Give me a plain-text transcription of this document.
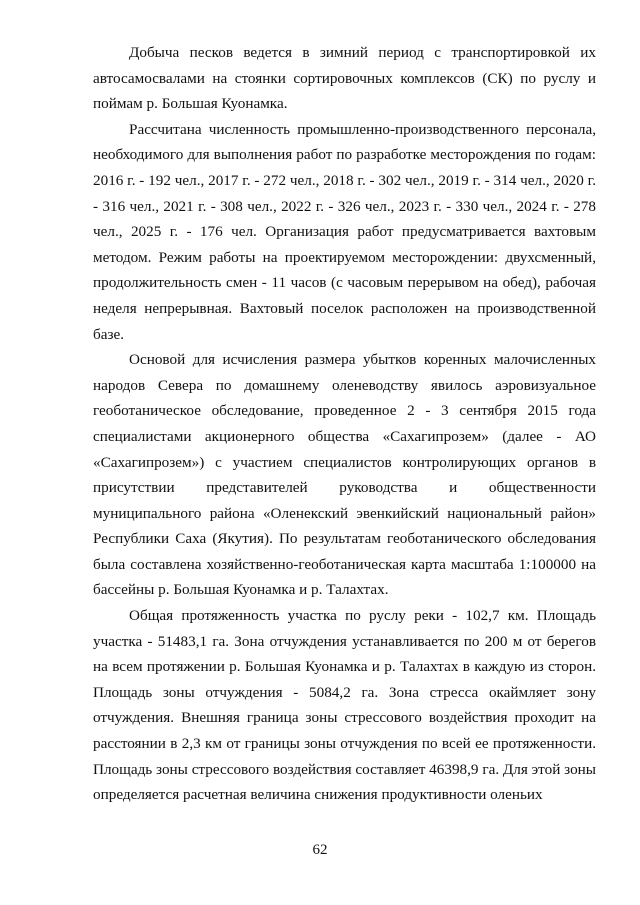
Добыча песков ведется в зимний период с транспортировкой их автосамосвалами на стоянки сортировочных комплексов (СК) по руслу и поймам р. Большая Куонамка.

Рассчитана численность промышленно-производственного персонала, необходимого для выполнения работ по разработке месторождения по годам: 2016 г. - 192 чел., 2017 г. - 272 чел., 2018 г. - 302 чел., 2019 г. - 314 чел., 2020 г. - 316 чел., 2021 г. - 308 чел., 2022 г. - 326 чел., 2023 г. - 330 чел., 2024 г. - 278 чел., 2025 г. - 176 чел. Организация работ предусматривается вахтовым методом. Режим работы на проектируемом месторождении: двухсменный, продолжительность смен - 11 часов (с часовым перерывом на обед), рабочая неделя непрерывная. Вахтовый поселок расположен на производственной базе.

Основой для исчисления размера убытков коренных малочисленных народов Севера по домашнему оленеводству явилось аэровизуальное геоботаническое обследование, проведенное 2 - 3 сентября 2015 года специалистами акционерного общества «Сахагипрозем» (далее - АО «Сахагипрозем») с участием специалистов контролирующих органов в присутствии представителей руководства и общественности муниципального района «Оленекский эвенкийский национальный район» Республики Саха (Якутия). По результатам геоботанического обследования была составлена хозяйственно-геоботаническая карта масштаба 1:100000 на бассейны р. Большая Куонамка и р. Талахтах.

Общая протяженность участка по руслу реки - 102,7 км. Площадь участка - 51483,1 га. Зона отчуждения устанавливается по 200 м от берегов на всем протяжении р. Большая Куонамка и р. Талахтах в каждую из сторон. Площадь зоны отчуждения - 5084,2 га. Зона стресса окаймляет зону отчуждения. Внешняя граница зоны стрессового воздействия проходит на расстоянии в 2,3 км от границы зоны отчуждения по всей ее протяженности. Площадь зоны стрессового воздействия составляет 46398,9 га. Для этой зоны определяется расчетная величина снижения продуктивности оленьих

62
